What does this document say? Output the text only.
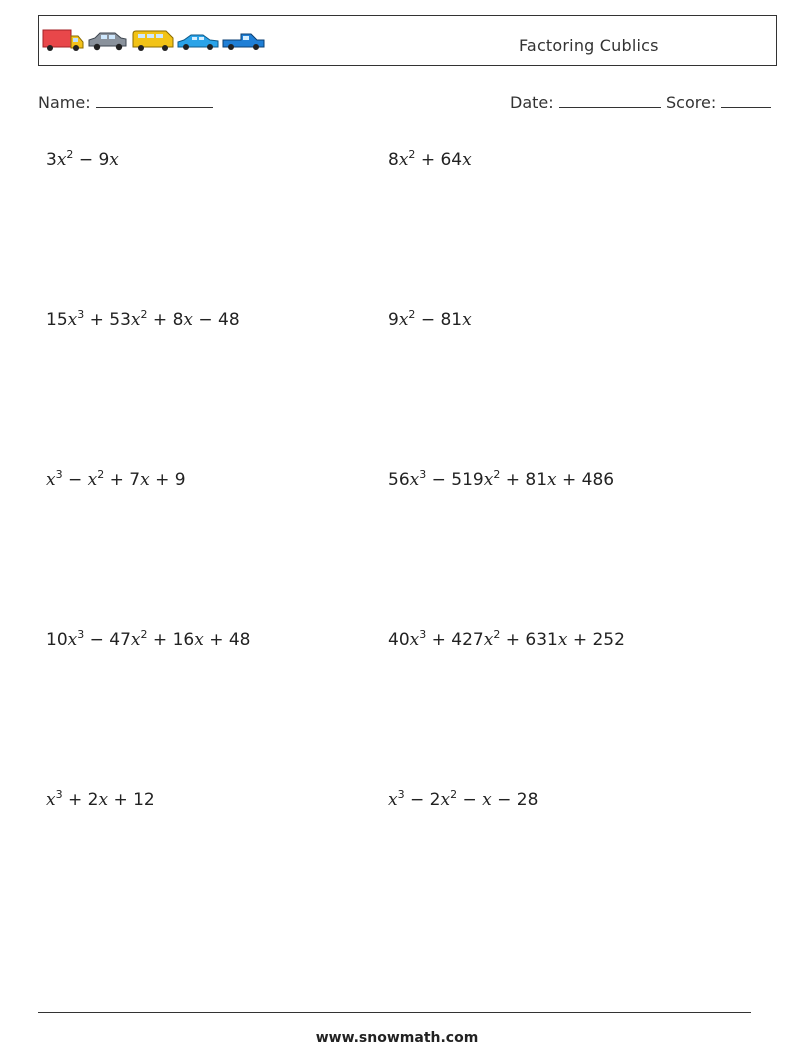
Factoring Cublics
Name:	Date:	Score:
$3x^2 - 9x$	$8x^2 + 64x$
$15x^3 + 53x^2 + 8x - 48$	$9x^2 - 81x$
$x^3 - x^2 + 7x + 9$	$56x^3 - 519x^2 + 81x + 486$
$10x^3 - 47x^2 + 16x + 48$	$40x^3 + 427x^2 + 631x + 252$
$x^3 + 2x + 12$	$x^3 - 2x^2 - x - 28$
www.snowmath.com
